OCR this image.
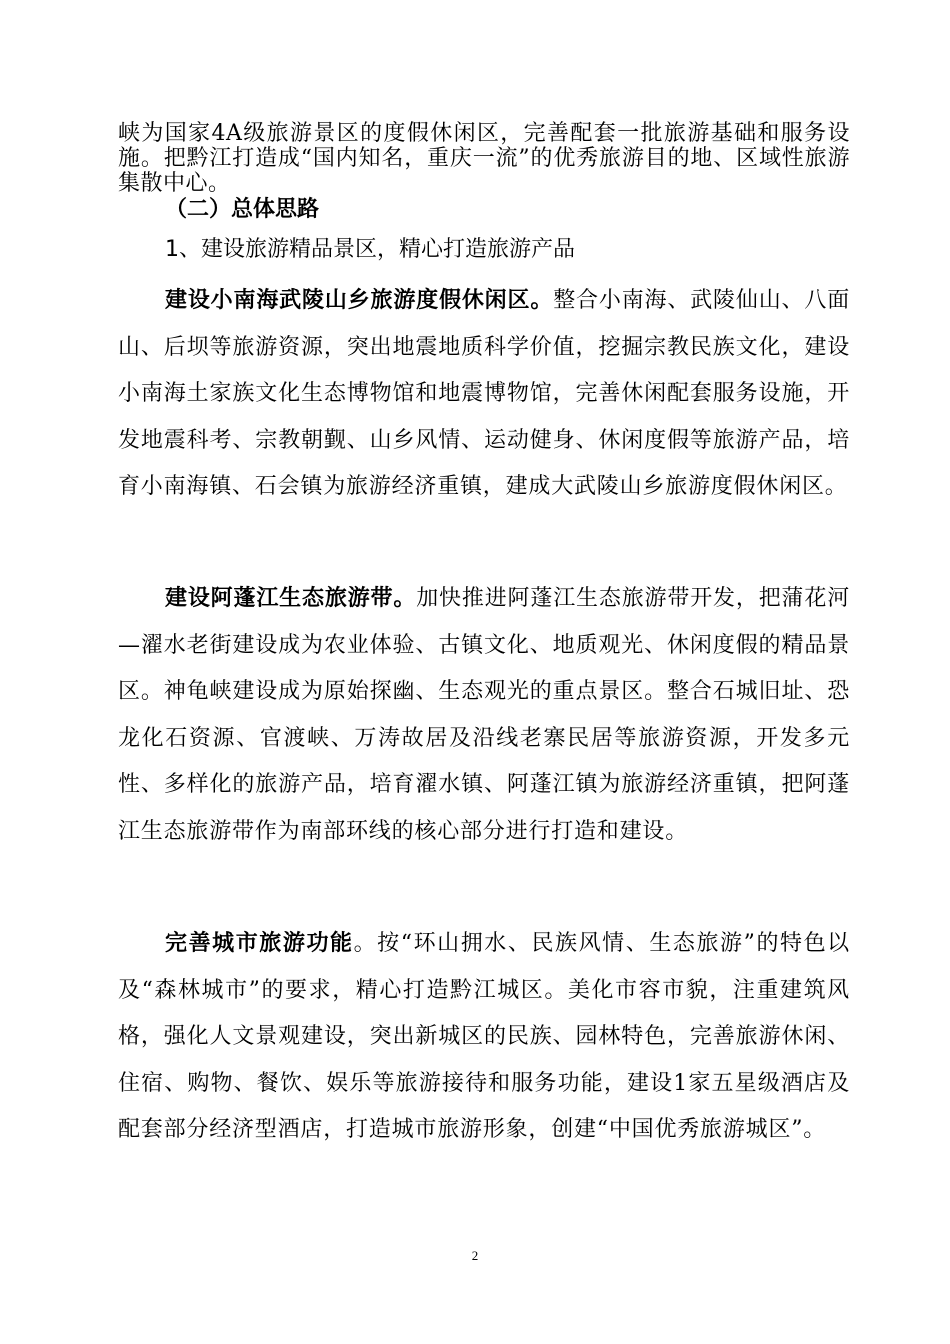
峡为国家4A级旅游景区的度假休闲区，完善配套一批旅游基础和服务设施。把黔江打造成“国内知名，重庆一流”的优秀旅游目的地、区域性旅游集散中心。

（二）总体思路
1、建设旅游精品景区，精心打造旅游产品
建设小南海武陵山乡旅游度假休闲区。整合小南海、武陵仙山、八面山、后坝等旅游资源，突出地震地质科学价值，挖掘宗教民族文化，建设小南海土家族文化生态博物馆和地震博物馆，完善休闲配套服务设施，开发地震科考、宗教朝觐、山乡风情、运动健身、休闲度假等旅游产品，培育小南海镇、石会镇为旅游经济重镇，建成大武陵山乡旅游度假休闲区。
建设阿蓬江生态旅游带。加快推进阿蓬江生态旅游带开发，把蒲花河—濯水老街建设成为农业体验、古镇文化、地质观光、休闲度假的精品景区。神龟峡建设成为原始探幽、生态观光的重点景区。整合石城旧址、恐龙化石资源、官渡峡、万涛故居及沿线老寨民居等旅游资源，开发多元性、多样化的旅游产品，培育濯水镇、阿蓬江镇为旅游经济重镇，把阿蓬江生态旅游带作为南部环线的核心部分进行打造和建设。
完善城市旅游功能。按“环山拥水、民族风情、生态旅游”的特色以及“森林城市”的要求，精心打造黔江城区。美化市容市貌，注重建筑风格，强化人文景观建设，突出新城区的民族、园林特色，完善旅游休闲、住宿、购物、餐饮、娱乐等旅游接待和服务功能，建设1家五星级酒店及配套部分经济型酒店，打造城市旅游形象，创建“中国优秀旅游城区”。
2
